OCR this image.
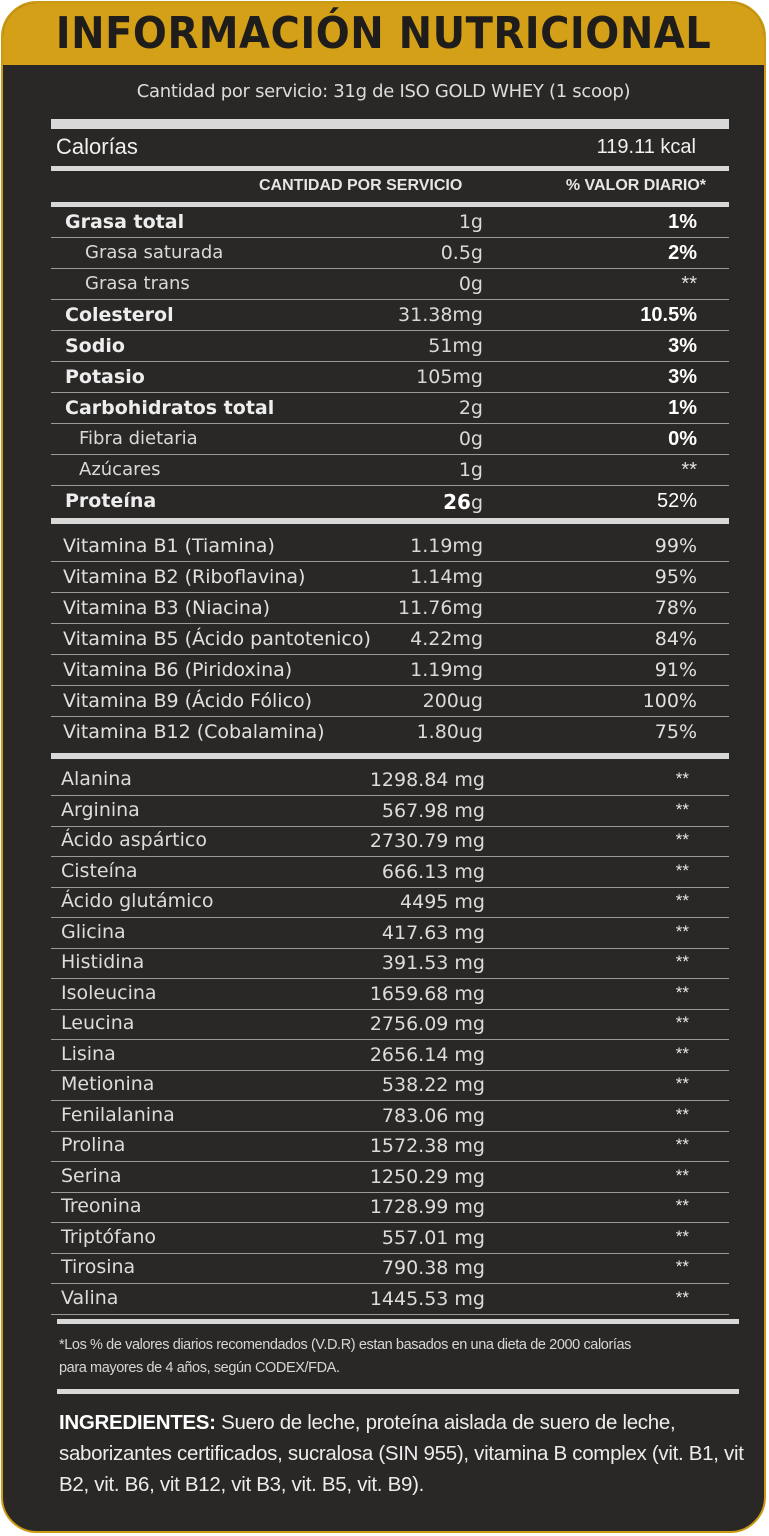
INFORMACIÓN NUTRICIONAL
Cantidad por servicio: 31g de ISO GOLD WHEY (1 scoop)
Calorías	119.11 kcal
CANTIDAD POR SERVICIO	% VALOR DIARIO*
Grasa total	1g	1%
Grasa saturada	0.5g	2%
Grasa trans	0g	**
Colesterol	31.38mg	10.5%
Sodio	51mg	3%
Potasio	105mg	3%
Carbohidratos total	2g	1%
Fibra dietaria	0g	0%
Azúcares	1g	**
Proteína	26g	52%
Vitamina B1 (Tiamina)	1.19mg	99%
Vitamina B2 (Riboflavina)	1.14mg	95%
Vitamina B3 (Niacina)	11.76mg	78%
Vitamina B5 (Ácido pantotenico) 4.22mg	84%
Vitamina B6 (Piridoxina)	1.19mg	91%
Vitamina B9 (Ácido Fólico)	200ug	100%
Vitamina B12 (Cobalamina)	1.80ug	75%
Alanina	1298.84 mg	**
Arginina	567.98 mg	**
Ácido aspártico	2730.79 mg	**
Cisteína	666.13 mg	**
Ácido glutámico	4495 mg	**
Glicina	417.63 mg	**
Histidina	391.53 mg	**
Isoleucina	1659.68 mg	**
Leucina	2756.09 mg	**
Lisina	2656.14 mg	**
Metionina	538.22 mg	**
Fenilalanina	783.06 mg	**
Prolina	1572.38 mg	**
Serina	1250.29 mg	**
Treonina	1728.99 mg	**
Triptófano	557.01 mg	**
Tirosina	790.38 mg	**
Valina	1445.53 mg	**
*Los % de valores diarios recomendados (V.D.R) estan basados en una dieta de 2000 calorías
para mayores de 4 años, según CODEX/FDA.
INGREDIENTES: Suero de leche, proteína aislada de suero de leche, saborizantes certificados, sucralosa (SIN 955), vitamina B complex (vit. B1, vit B2, vit. B6, vit B12, vit B3, vit. B5, vit. B9).
